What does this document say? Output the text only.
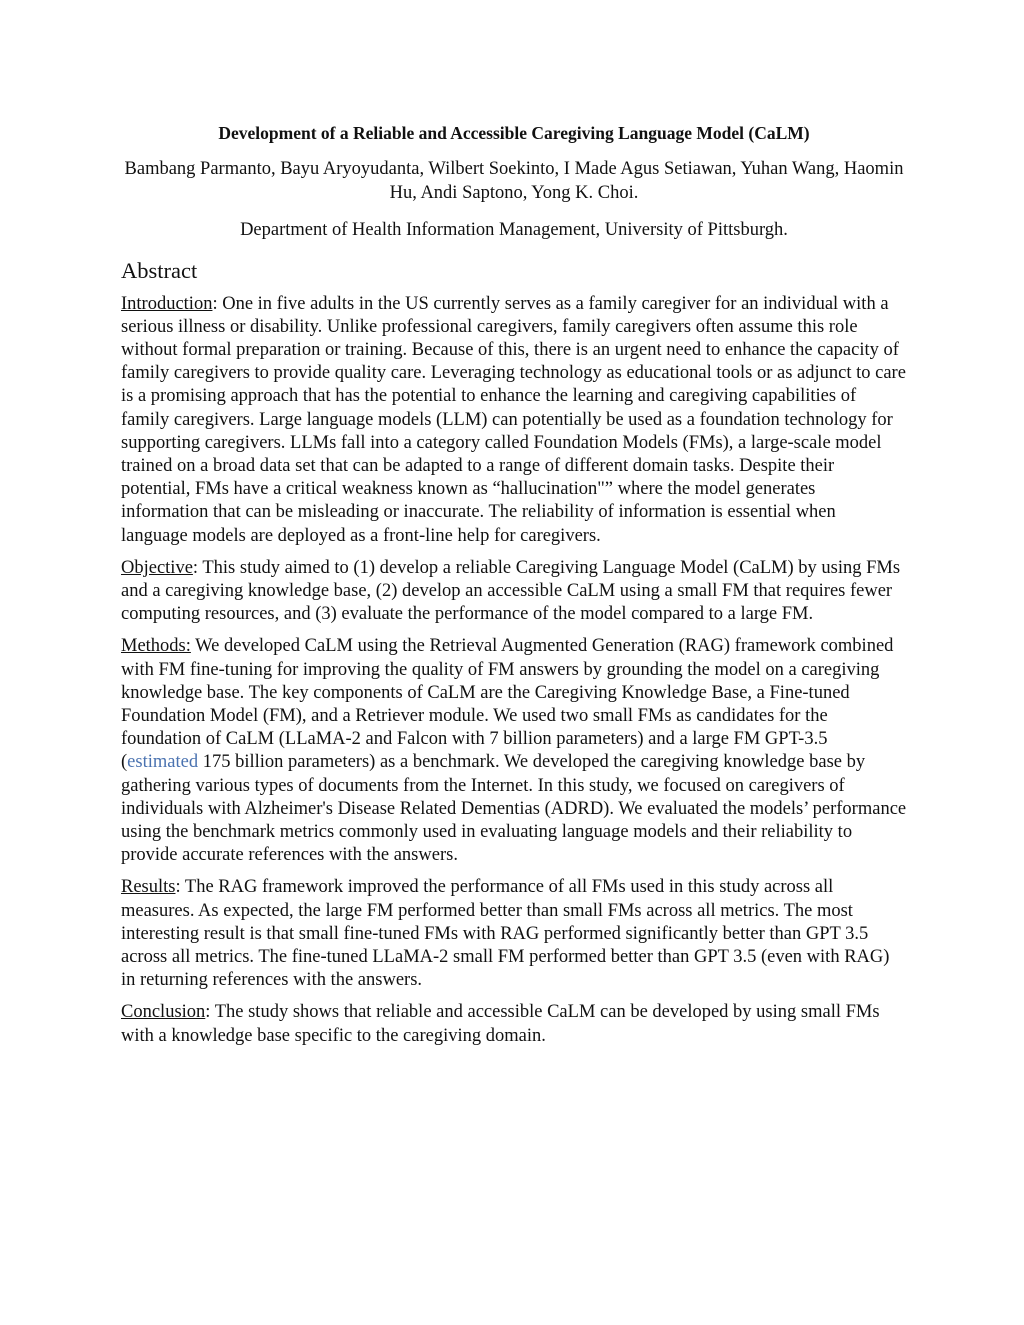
Development of a Reliable and Accessible Caregiving Language Model (CaLM)
Bambang Parmanto, Bayu Aryoyudanta, Wilbert Soekinto, I Made Agus Setiawan, Yuhan Wang, Haomin Hu, Andi Saptono, Yong K. Choi.
Department of Health Information Management, University of Pittsburgh.
Abstract

Introduction: One in five adults in the US currently serves as a family caregiver for an individual with a serious illness or disability. Unlike professional caregivers, family caregivers often assume this role without formal preparation or training. Because of this, there is an urgent need to enhance the capacity of family caregivers to provide quality care. Leveraging technology as educational tools or as adjunct to care is a promising approach that has the potential to enhance the learning and caregiving capabilities of family caregivers. Large language models (LLM) can potentially be used as a foundation technology for supporting caregivers. LLMs fall into a category called Foundation Models (FMs), a large-scale model trained on a broad data set that can be adapted to a range of different domain tasks. Despite their potential, FMs have a critical weakness known as “hallucination"” where the model generates information that can be misleading or inaccurate. The reliability of information is essential when language models are deployed as a front-line help for caregivers.

Objective: This study aimed to (1) develop a reliable Caregiving Language Model (CaLM) by using FMs and a caregiving knowledge base, (2) develop an accessible CaLM using a small FM that requires fewer computing resources, and (3) evaluate the performance of the model compared to a large FM.

Methods: We developed CaLM using the Retrieval Augmented Generation (RAG) framework combined with FM fine-tuning for improving the quality of FM answers by grounding the model on a caregiving knowledge base. The key components of CaLM are the Caregiving Knowledge Base, a Fine-tuned Foundation Model (FM), and a Retriever module. We used two small FMs as candidates for the foundation of CaLM (LLaMA-2 and Falcon with 7 billion parameters) and a large FM GPT-3.5 (estimated 175 billion parameters) as a benchmark. We developed the caregiving knowledge base by gathering various types of documents from the Internet. In this study, we focused on caregivers of individuals with Alzheimer's Disease Related Dementias (ADRD). We evaluated the models’ performance using the benchmark metrics commonly used in evaluating language models and their reliability to provide accurate references with the answers.

Results: The RAG framework improved the performance of all FMs used in this study across all measures. As expected, the large FM performed better than small FMs across all metrics. The most interesting result is that small fine-tuned FMs with RAG performed significantly better than GPT 3.5 across all metrics. The fine-tuned LLaMA-2 small FM performed better than GPT 3.5 (even with RAG) in returning references with the answers.

Conclusion: The study shows that reliable and accessible CaLM can be developed by using small FMs with a knowledge base specific to the caregiving domain.
